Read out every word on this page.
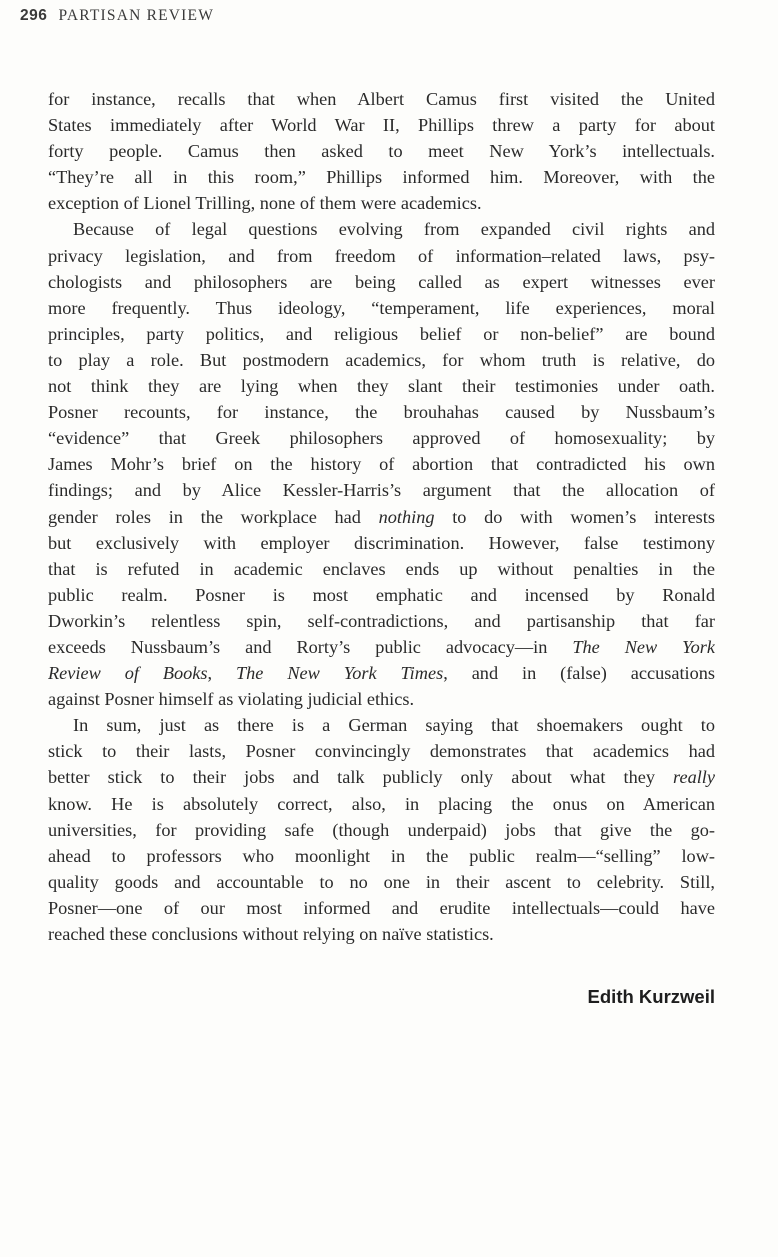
296 PARTISAN REVIEW
for instance, recalls that when Albert Camus first visited the United
States immediately after World War II, Phillips threw a party for about
forty people. Camus then asked to meet New York’s intellectuals.
“They’re all in this room,” Phillips informed him. Moreover, with the
exception of Lionel Trilling, none of them were academics.
Because of legal questions evolving from expanded civil rights and
privacy legislation, and from freedom of information–related laws, psy-
chologists and philosophers are being called as expert witnesses ever
more frequently. Thus ideology, “temperament, life experiences, moral
principles, party politics, and religious belief or non-belief” are bound
to play a role. But postmodern academics, for whom truth is relative, do
not think they are lying when they slant their testimonies under oath.
Posner recounts, for instance, the brouhahas caused by Nussbaum’s
“evidence” that Greek philosophers approved of homosexuality; by
James Mohr’s brief on the history of abortion that contradicted his own
findings; and by Alice Kessler-Harris’s argument that the allocation of
gender roles in the workplace had nothing to do with women’s interests
but exclusively with employer discrimination. However, false testimony
that is refuted in academic enclaves ends up without penalties in the
public realm. Posner is most emphatic and incensed by Ronald
Dworkin’s relentless spin, self-contradictions, and partisanship that far
exceeds Nussbaum’s and Rorty’s public advocacy—in The New York
Review of Books, The New York Times, and in (false) accusations
against Posner himself as violating judicial ethics.
In sum, just as there is a German saying that shoemakers ought to
stick to their lasts, Posner convincingly demonstrates that academics had
better stick to their jobs and talk publicly only about what they really
know. He is absolutely correct, also, in placing the onus on American
universities, for providing safe (though underpaid) jobs that give the go-
ahead to professors who moonlight in the public realm—“selling” low-
quality goods and accountable to no one in their ascent to celebrity. Still,
Posner—one of our most informed and erudite intellectuals—could have
reached these conclusions without relying on naïve statistics.
Edith Kurzweil
